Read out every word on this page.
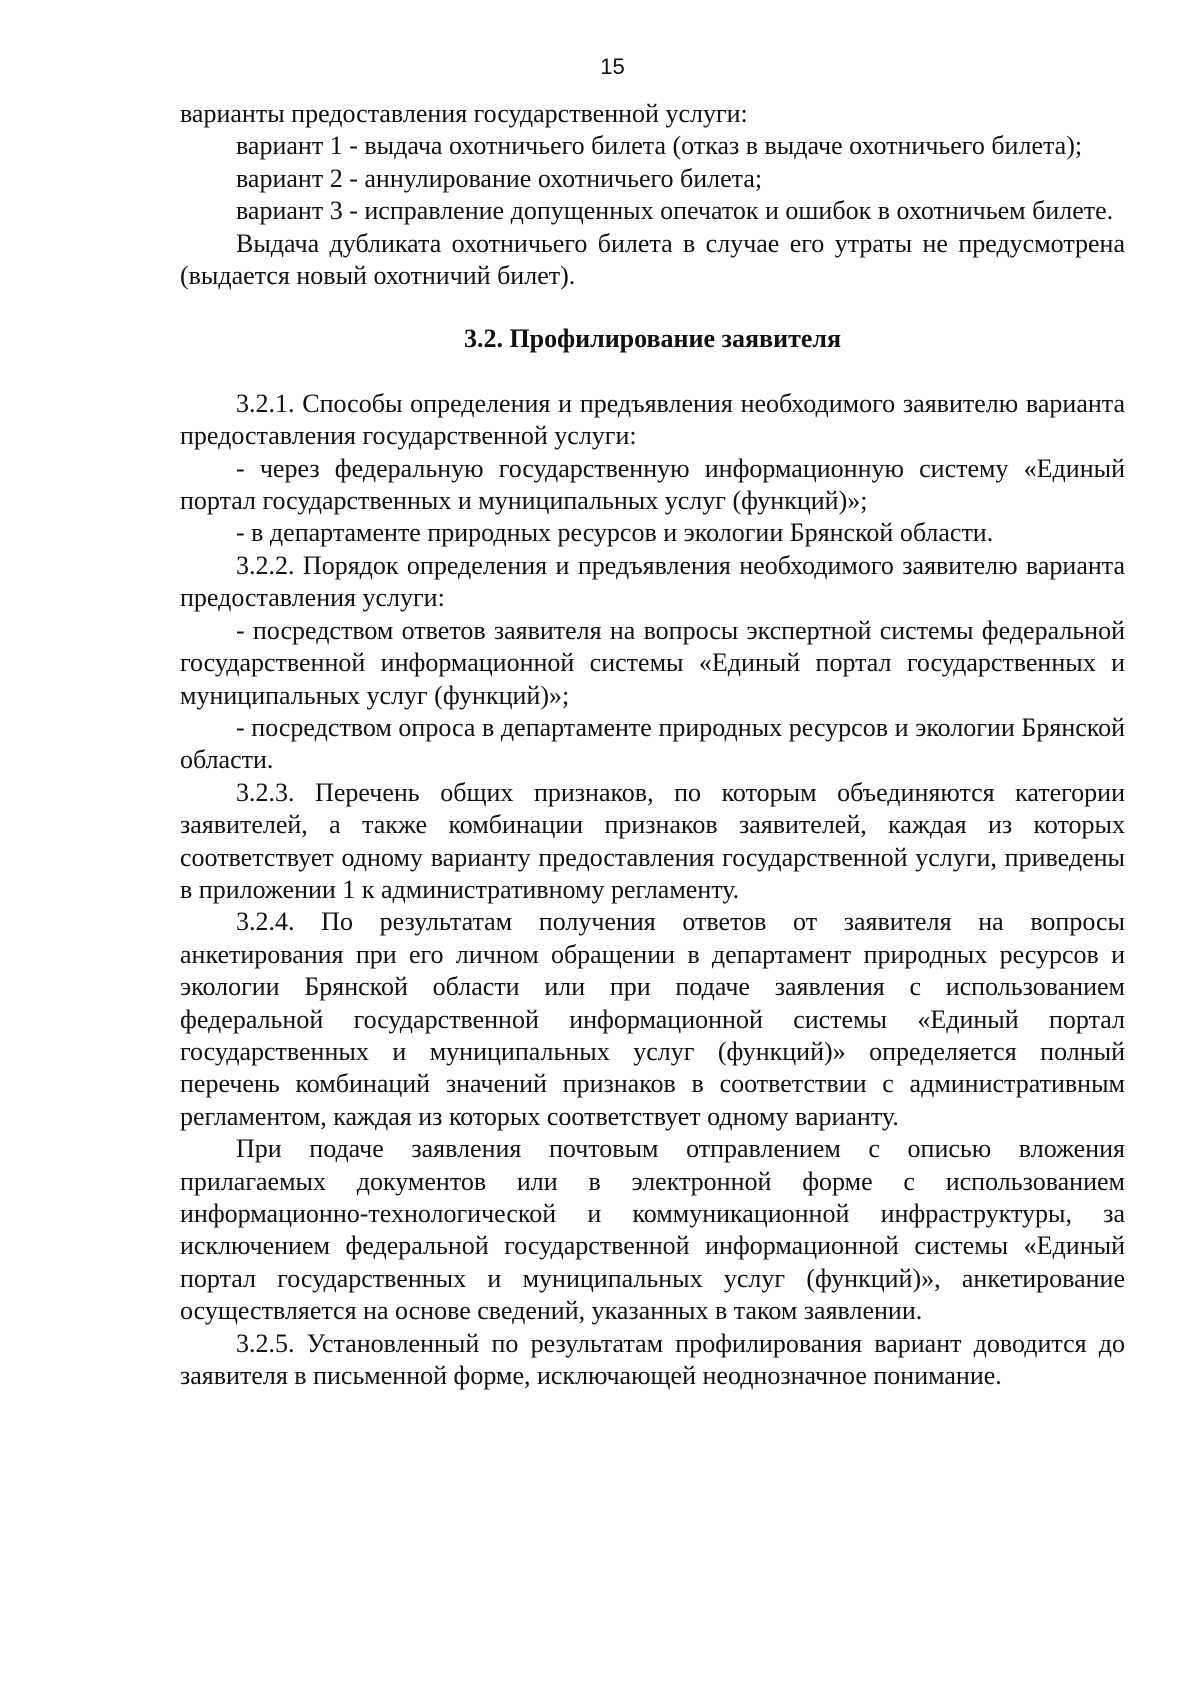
15

варианты предоставления государственной услуги:

вариант 1 - выдача охотничьего билета (отказ в выдаче охотничьего билета);

вариант 2 - аннулирование охотничьего билета;

вариант 3 - исправление допущенных опечаток и ошибок в охотничьем билете.

Выдача дубликата охотничьего билета в случае его утраты не предусмотрена (выдается новый охотничий билет).

3.2. Профилирование заявителя

3.2.1. Способы определения и предъявления необходимого заявителю варианта предоставления государственной услуги:

- через федеральную государственную информационную систему «Единый портал государственных и муниципальных услуг (функций)»;

- в департаменте природных ресурсов и экологии Брянской области.

3.2.2. Порядок определения и предъявления необходимого заявителю варианта предоставления услуги:

- посредством ответов заявителя на вопросы экспертной системы федеральной государственной информационной системы «Единый портал государственных и муниципальных услуг (функций)»;

- посредством опроса в департаменте природных ресурсов и экологии Брянской области.

3.2.3. Перечень общих признаков, по которым объединяются категории заявителей, а также комбинации признаков заявителей, каждая из которых соответствует одному варианту предоставления государственной услуги, приведены в приложении 1 к административному регламенту.

3.2.4. По результатам получения ответов от заявителя на вопросы анкетирования при его личном обращении в департамент природных ресурсов и экологии Брянской области или при подаче заявления с использованием федеральной государственной информационной системы «Единый портал государственных и муниципальных услуг (функций)» определяется полный перечень комбинаций значений признаков в соответствии с административным регламентом, каждая из которых соответствует одному варианту.

При подаче заявления почтовым отправлением с описью вложения прилагаемых документов или в электронной форме с использованием информационно-технологической и коммуникационной инфраструктуры, за исключением федеральной государственной информационной системы «Единый портал государственных и муниципальных услуг (функций)», анкетирование осуществляется на основе сведений, указанных в таком заявлении.

3.2.5. Установленный по результатам профилирования вариант доводится до заявителя в письменной форме, исключающей неоднозначное понимание.
